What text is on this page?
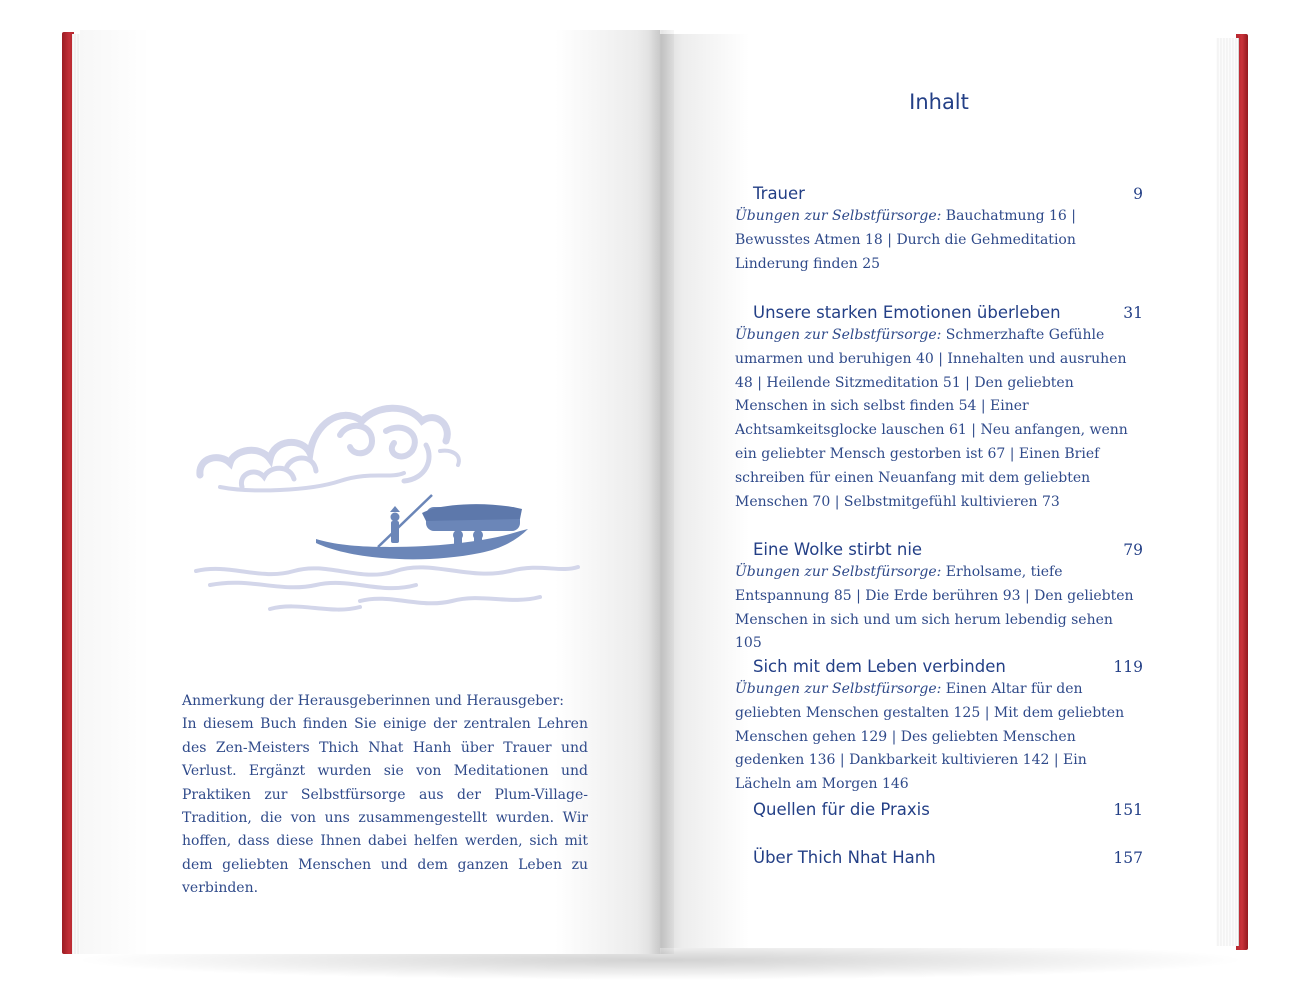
Anmerkung der Herausgeberinnen und Herausgeber:

In diesem Buch finden Sie einige der zentralen Lehren des Zen-Meisters Thich Nhat Hanh über Trauer und Verlust. Ergänzt wurden sie von Meditationen und Praktiken zur Selbstfürsorge aus der Plum-Village-Tradition, die von uns zusammengestellt wurden. Wir hoffen, dass diese Ihnen dabei helfen werden, sich mit dem geliebten Menschen und dem ganzen Leben zu verbinden.

Inhalt
Trauer	9
Übungen zur Selbstfürsorge: Bauchatmung 16 | Bewusstes Atmen 18 | Durch die Gehmeditation Linderung finden 25
Unsere starken Emotionen überleben	31
Übungen zur Selbstfürsorge: Schmerzhafte Gefühle umarmen und beruhigen 40 | Innehalten und ausruhen 48 | Heilende Sitzmeditation 51 | Den geliebten Menschen in sich selbst finden 54 | Einer Achtsamkeitsglocke lauschen 61 | Neu anfangen, wenn ein geliebter Mensch gestorben ist 67 | Einen Brief schreiben für einen Neuanfang mit dem geliebten Menschen 70 | Selbstmitgefühl kultivieren 73
Eine Wolke stirbt nie	79
Übungen zur Selbstfürsorge: Erholsame, tiefe Entspannung 85 | Die Erde berühren 93 | Den geliebten Menschen in sich und um sich herum lebendig sehen 105
Sich mit dem Leben verbinden	119
Übungen zur Selbstfürsorge: Einen Altar für den geliebten Menschen gestalten 125 | Mit dem geliebten Menschen gehen 129 | Des geliebten Menschen gedenken 136 | Dankbarkeit kultivieren 142 | Ein Lächeln am Morgen 146
Quellen für die Praxis	151
Über Thich Nhat Hanh	157
